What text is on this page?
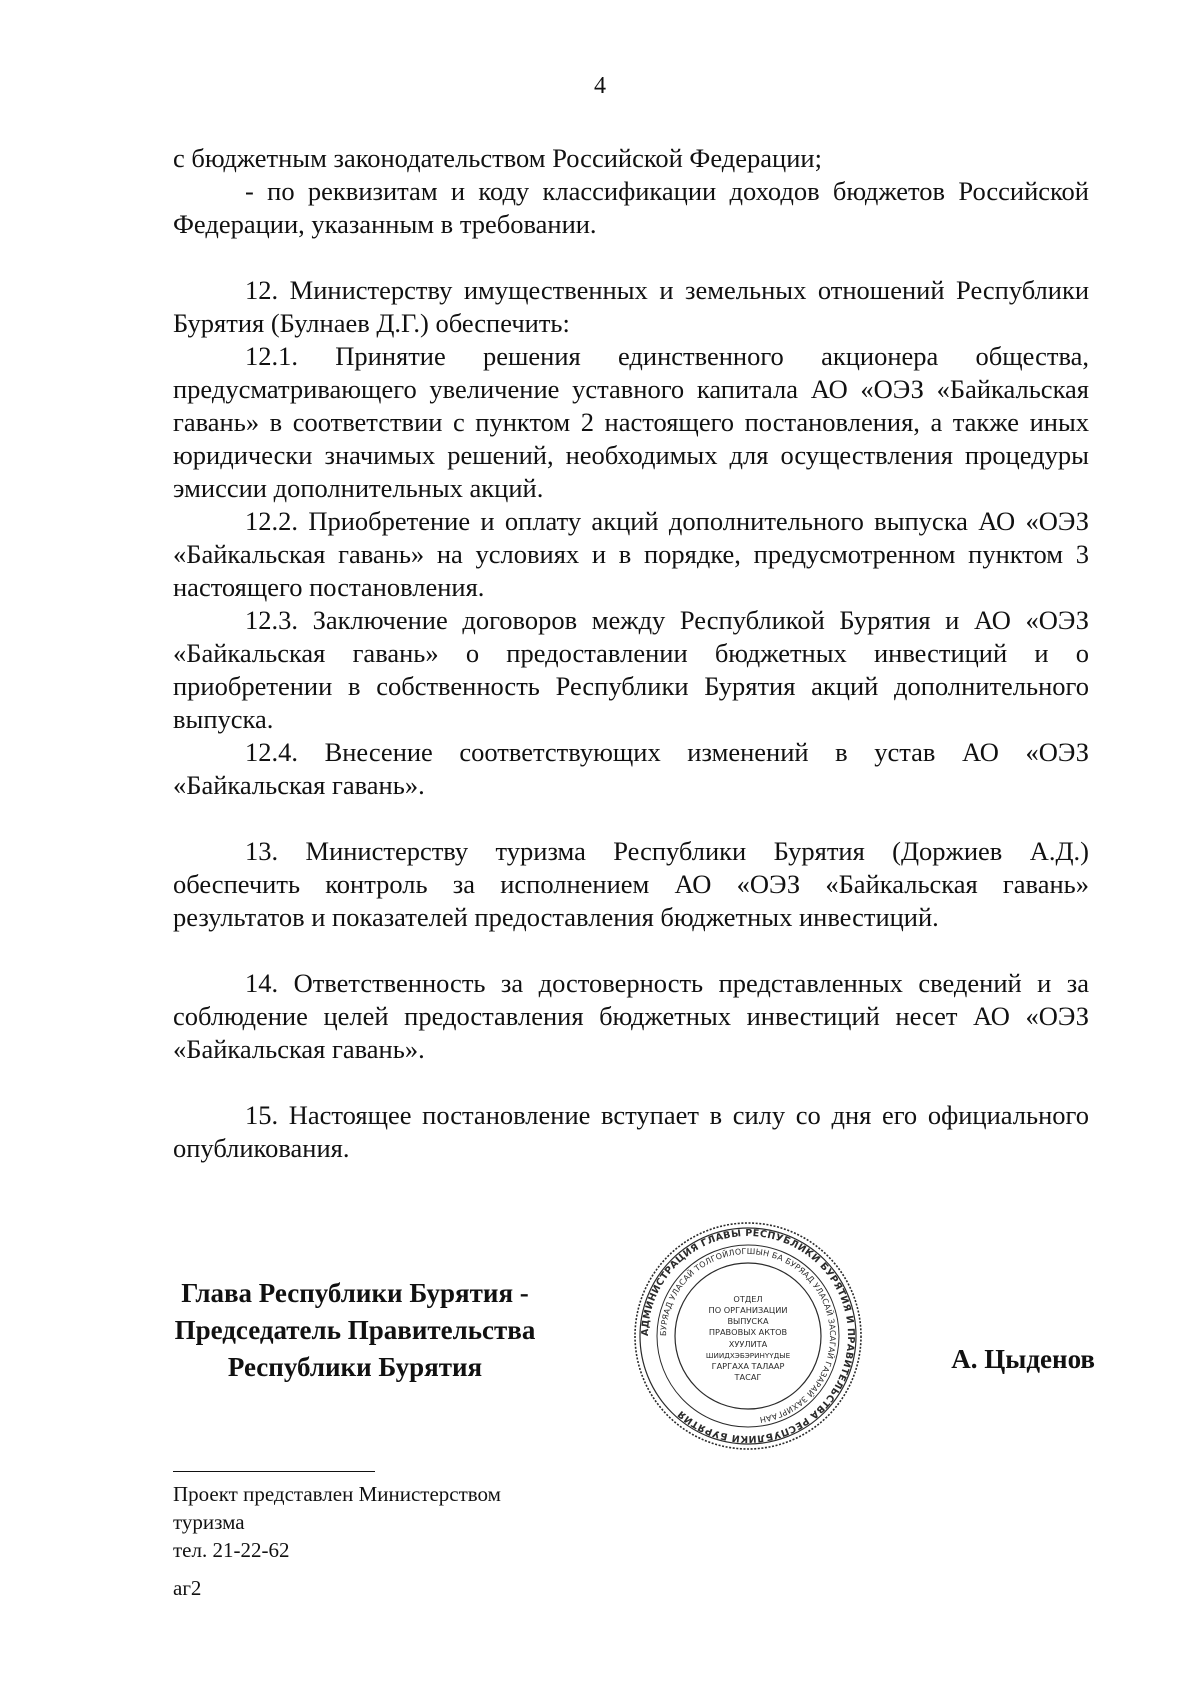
4

с бюджетным законодательством Российской Федерации;

- по реквизитам и коду классификации доходов бюджетов Российской Федерации, указанным в требовании.

12. Министерству имущественных и земельных отношений Республики Бурятия (Булнаев Д.Г.) обеспечить:

12.1. Принятие решения единственного акционера общества, предусматривающего увеличение уставного капитала АО «ОЭЗ «Байкальская гавань» в соответствии с пунктом 2 настоящего постановления, а также иных юридически значимых решений, необходимых для осуществления процедуры эмиссии дополнительных акций.

12.2. Приобретение и оплату акций дополнительного выпуска АО «ОЭЗ «Байкальская гавань» на условиях и в порядке, предусмотренном пунктом 3 настоящего постановления.

12.3. Заключение договоров между Республикой Бурятия и АО «ОЭЗ «Байкальская гавань» о предоставлении бюджетных инвестиций и о приобретении в собственность Республики Бурятия акций дополнительного выпуска.

12.4. Внесение соответствующих изменений в устав АО «ОЭЗ «Байкальская гавань».

13. Министерству туризма Республики Бурятия (Доржиев А.Д.) обеспечить контроль за исполнением АО «ОЭЗ «Байкальская гавань» результатов и показателей предоставления бюджетных инвестиций.

14. Ответственность за достоверность представленных сведений и за соблюдение целей предоставления бюджетных инвестиций несет АО «ОЭЗ «Байкальская гавань».

15. Настоящее постановление вступает в силу со дня его официального опубликования.

Глава Республики Бурятия -
Председатель Правительства
Республики Бурятия
АДМИНИСТРАЦИЯ ГЛАВЫ РЕСПУБЛИКИ БУРЯТИЯ И ПРАВИТЕЛЬСТВА РЕСПУБЛИКИ БУРЯТИЯ
БУРЯАД УЛАСАЙ ТОЛГОЙЛОГШЫН БА БУРЯАД УЛАСАЙ ЗАСАГАЙ ГАЗАРАЙ ЗАХИРГААН
ОТДЕЛ
ПО ОРГАНИЗАЦИИ
ВЫПУСКА
ПРАВОВЫХ АКТОВ
ХУУЛИТА
ШИИДХЭБЭРИНҮҮДЫЕ
ГАРГАХА ТАЛААР
ТАСАГ
А. Цыденов
Проект представлен Министерством
туризма
тел. 21-22-62
аг2
